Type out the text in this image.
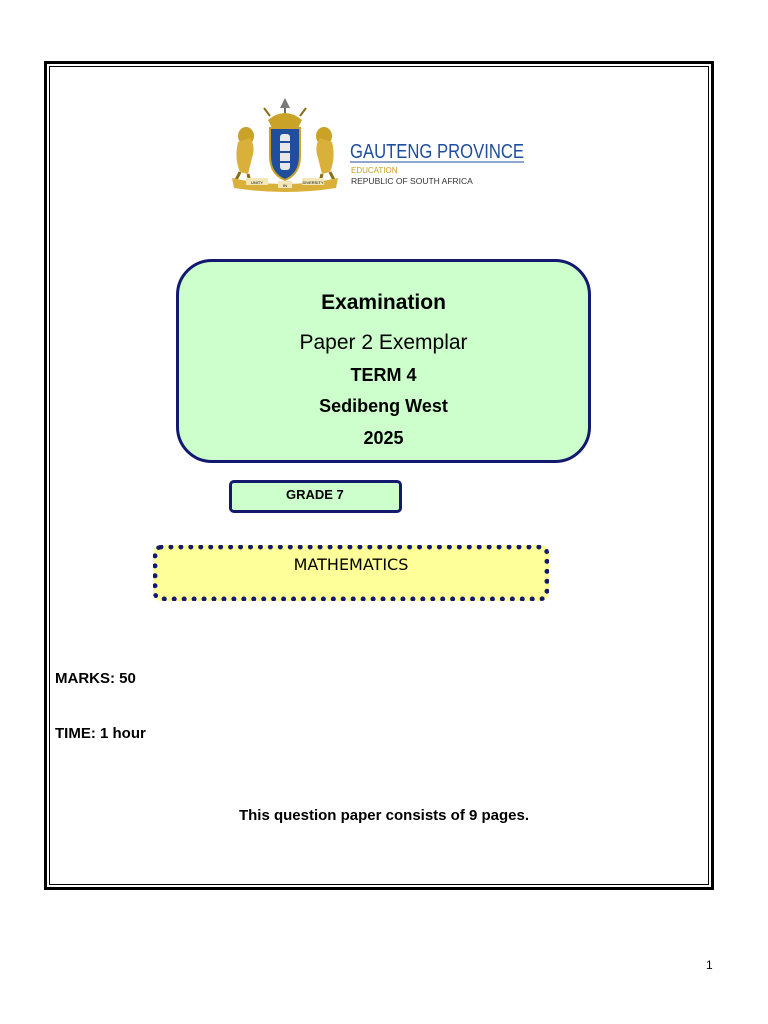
UNITY
IN
DIVERSITY
GAUTENG PROVINCE
EDUCATION
REPUBLIC OF SOUTH AFRICA
Examination
Paper 2 Exemplar
TERM 4
Sedibeng West
2025
GRADE 7
MATHEMATICS
MARKS: 50
TIME: 1 hour
This question paper consists of 9 pages.
1
